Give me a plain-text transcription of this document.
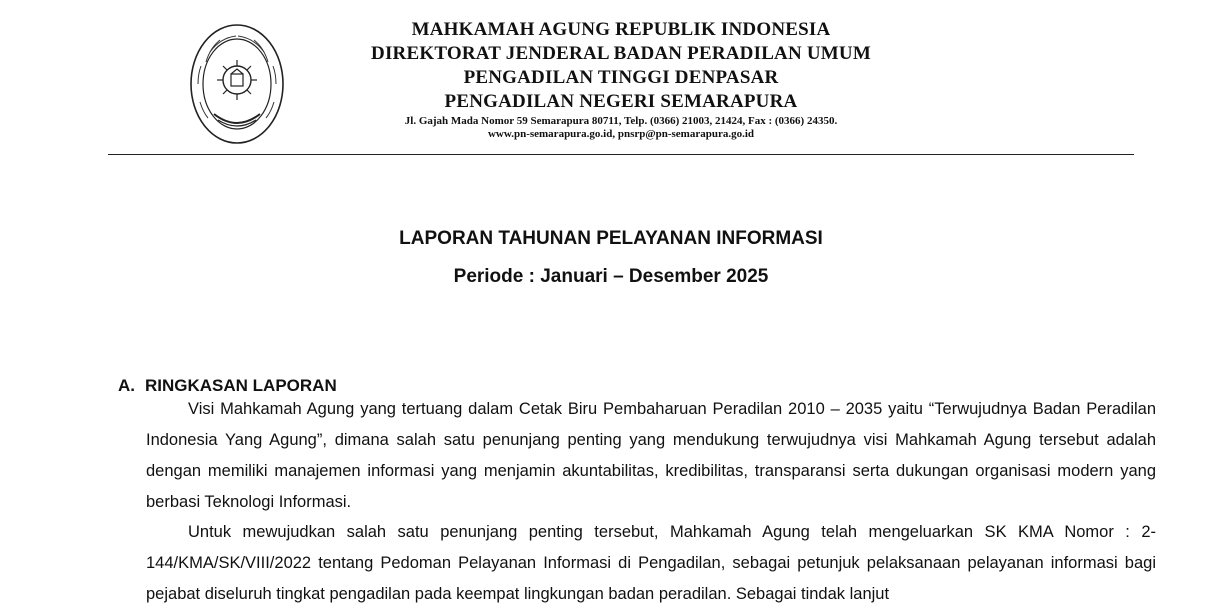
MAHKAMAH AGUNG REPUBLIK INDONESIA
DIREKTORAT JENDERAL BADAN PERADILAN UMUM
PENGADILAN TINGGI DENPASAR
PENGADILAN NEGERI SEMARAPURA
Jl. Gajah Mada Nomor 59 Semarapura 80711, Telp. (0366) 21003, 21424, Fax : (0366) 24350.
www.pn-semarapura.go.id, pnsrp@pn-semarapura.go.id
LAPORAN TAHUNAN PELAYANAN INFORMASI
Periode : Januari – Desember 2025
A. RINGKASAN LAPORAN

Visi Mahkamah Agung yang tertuang dalam Cetak Biru Pembaharuan Peradilan 2010 – 2035 yaitu “Terwujudnya Badan Peradilan Indonesia Yang Agung”, dimana salah satu penunjang penting yang mendukung terwujudnya visi Mahkamah Agung tersebut adalah dengan memiliki manajemen informasi yang menjamin akuntabilitas, kredibilitas, transparansi serta dukungan organisasi modern yang berbasi Teknologi Informasi.

Untuk mewujudkan salah satu penunjang penting tersebut, Mahkamah Agung telah mengeluarkan SK KMA Nomor : 2-144/KMA/SK/VIII/2022 tentang Pedoman Pelayanan Informasi di Pengadilan, sebagai petunjuk pelaksanaan pelayanan informasi bagi pejabat diseluruh tingkat pengadilan pada keempat lingkungan badan peradilan. Sebagai tindak lanjut
